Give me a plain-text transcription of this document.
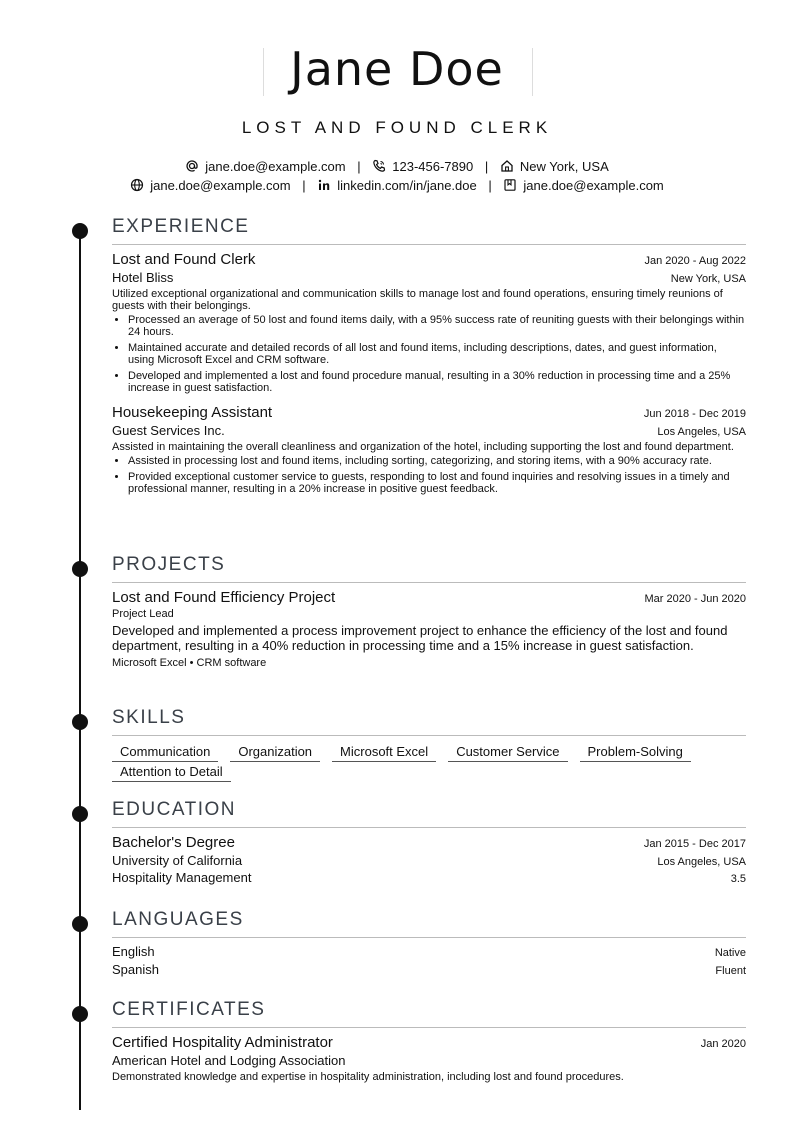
Jane Doe
LOST AND FOUND CLERK
jane.doe@example.com | 123-456-7890 | New York, USA
jane.doe@example.com | linkedin.com/in/jane.doe | jane.doe@example.com
EXPERIENCE
Lost and Found Clerk	Jan 2020 - Aug 2022
Hotel Bliss	New York, USA
Utilized exceptional organizational and communication skills to manage lost and found operations, ensuring timely reunions of guests with their belongings.
• Processed an average of 50 lost and found items daily, with a 95% success rate of reuniting guests with their belongings within 24 hours.
• Maintained accurate and detailed records of all lost and found items, including descriptions, dates, and guest information, using Microsoft Excel and CRM software.
• Developed and implemented a lost and found procedure manual, resulting in a 30% reduction in processing time and a 25% increase in guest satisfaction.
Housekeeping Assistant	Jun 2018 - Dec 2019
Guest Services Inc.	Los Angeles, USA
Assisted in maintaining the overall cleanliness and organization of the hotel, including supporting the lost and found department.
• Assisted in processing lost and found items, including sorting, categorizing, and storing items, with a 90% accuracy rate.
• Provided exceptional customer service to guests, responding to lost and found inquiries and resolving issues in a timely and professional manner, resulting in a 20% increase in positive guest feedback.
PROJECTS
Lost and Found Efficiency Project	Mar 2020 - Jun 2020
Project Lead
Developed and implemented a process improvement project to enhance the efficiency of the lost and found department, resulting in a 40% reduction in processing time and a 15% increase in guest satisfaction.
Microsoft Excel • CRM software
SKILLS
Communication Organization Microsoft Excel Customer Service Problem-Solving
Attention to Detail
EDUCATION
Bachelor's Degree	Jan 2015 - Dec 2017
University of California	Los Angeles, USA
Hospitality Management	3.5
LANGUAGES
English	Native
Spanish	Fluent
CERTIFICATES
Certified Hospitality Administrator	Jan 2020
American Hotel and Lodging Association
Demonstrated knowledge and expertise in hospitality administration, including lost and found procedures.
